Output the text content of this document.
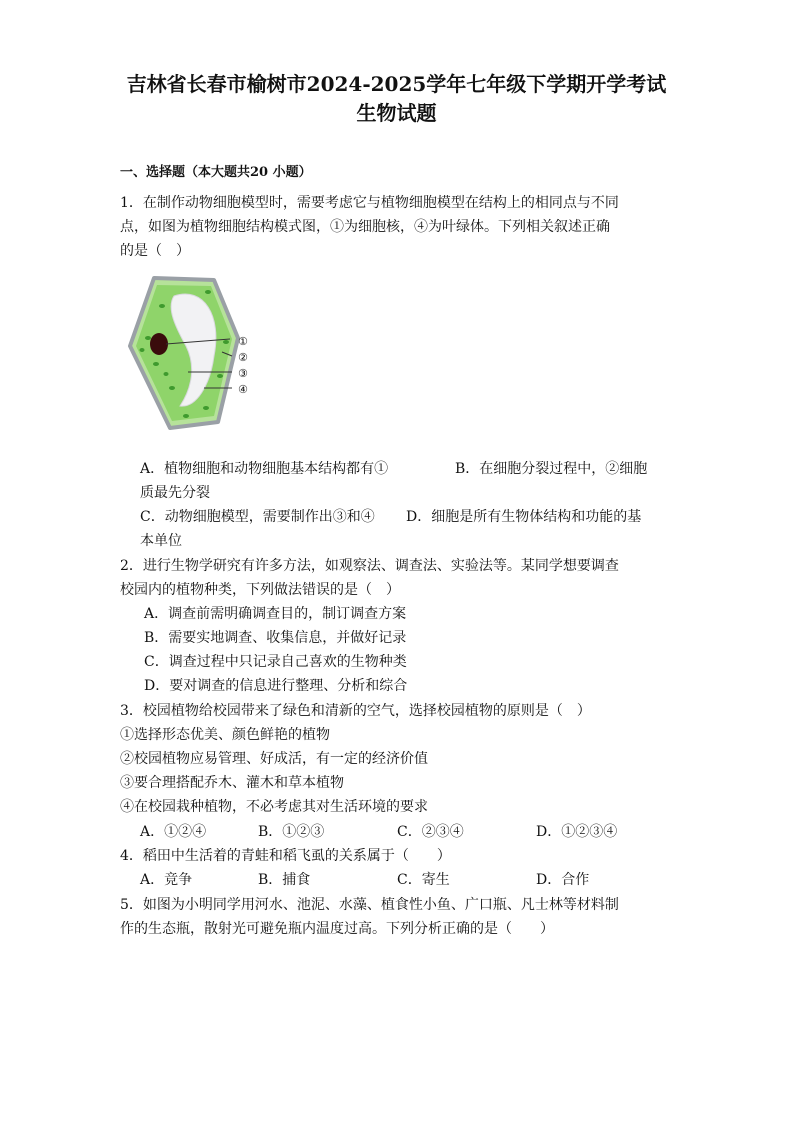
吉林省长春市榆树市2024-2025学年七年级下学期开学考试
生物试题
一、选择题（本大题共20 小题）
1．在制作动物细胞模型时，需要考虑它与植物细胞模型在结构上的相同点与不同
点，如图为植物细胞结构模式图，①为细胞核，④为叶绿体。下列相关叙述正确
的是（　）
①
②
③
④
A．植物细胞和动物细胞基本结构都有①	B．在细胞分裂过程中，②细胞
质最先分裂
C．动物细胞模型，需要制作出③和④ D．细胞是所有生物体结构和功能的基
本单位
2．进行生物学研究有许多方法，如观察法、调查法、实验法等。某同学想要调查
校园内的植物种类，下列做法错误的是（　）
A．调查前需明确调查目的，制订调查方案
B．需要实地调查、收集信息，并做好记录
C．调查过程中只记录自己喜欢的生物种类
D．要对调查的信息进行整理、分析和综合
3．校园植物给校园带来了绿色和清新的空气，选择校园植物的原则是（　）
①选择形态优美、颜色鲜艳的植物
②校园植物应易管理、好成活，有一定的经济价值
③要合理搭配乔木、灌木和草本植物
④在校园栽种植物，不必考虑其对生活环境的要求
A．①②④	B．①②③	C．②③④	D．①②③④
4．稻田中生活着的青蛙和稻飞虱的关系属于（　　）
A．竞争	B．捕食	C．寄生	D．合作
5．如图为小明同学用河水、池泥、水藻、植食性小鱼、广口瓶、凡士林等材料制
作的生态瓶，散射光可避免瓶内温度过高。下列分析正确的是（　　）
